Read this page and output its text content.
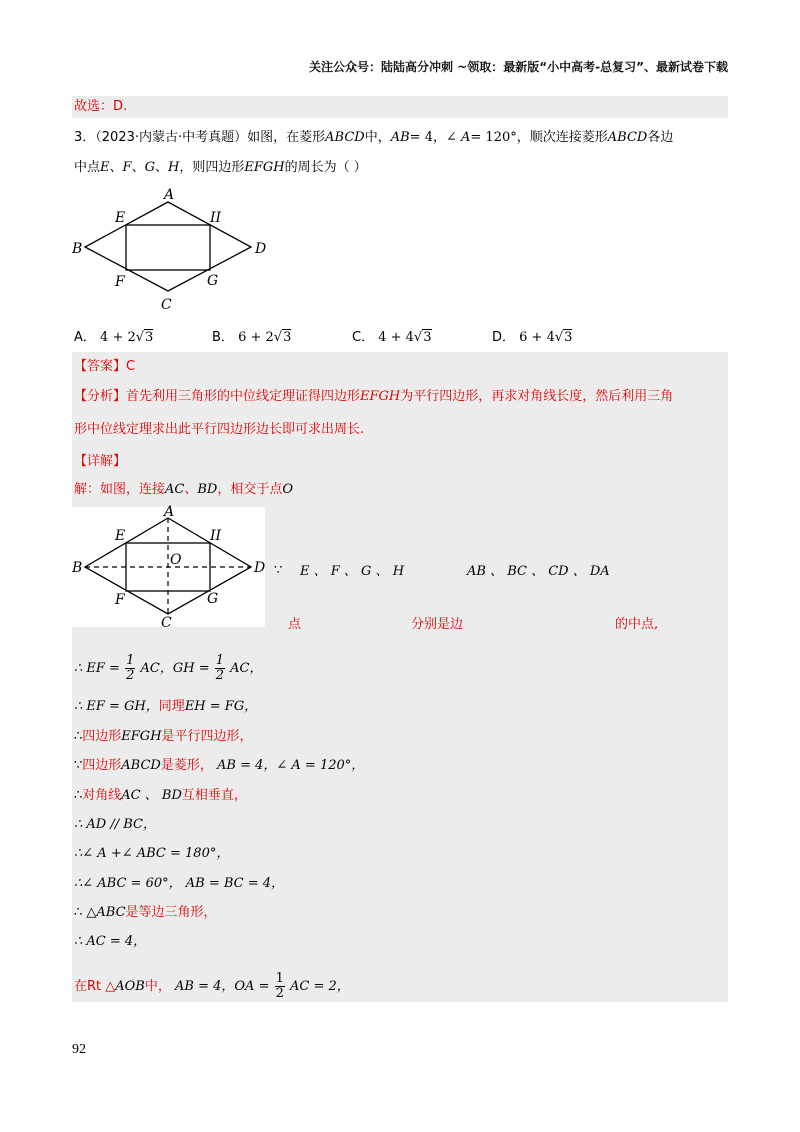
关注公众号：陆陆高分冲刺 ~领取：最新版“小中高考-总复习”、最新试卷下载
故选：D.
3．（2023·内蒙古·中考真题）如图，在菱形ABCD中，AB= 4，∠ A= 120°，顺次连接菱形ABCD各边
中点E、F、G、H，则四边形EFGH的周长为（ ）
A
B
C
D
E
F	G
II
A． 4 + 2√3	B． 6 + 2√3	C． 4 + 4√3	D． 6 + 4√3
【答案】C
【分析】首先利用三角形的中位线定理证得四边形EFGH为平行四边形，再求对角线长度，然后利用三角
形中位线定理求出此平行四边形边长即可求出周长.
【详解】
解：如图，连接AC、BD，相交于点O
A
B
C
D
E
F	G
II
O
∵ E 、 F 、 G 、 H	AB 、 BC 、 CD 、 DA
点	分别是边	的中点,
∴ EF = $\frac{1}{2}$ AC，GH = $\frac{1}{2}$ AC，
∴ EF = GH，同理EH = FG，
∴四边形EFGH是平行四边形，
∵四边形ABCD是菱形， AB = 4，∠ A = 120°，
∴对角线AC 、 BD互相垂直，
∴ AD // BC，
∴∠ A +∠ ABC = 180°，
∴∠ ABC = 60°， AB = BC = 4，
∴ △ABC是等边三角形，
∴ AC = 4，
在Rt △AOB中， AB = 4，OA = $\frac{1}{2}$ AC = 2，
92
